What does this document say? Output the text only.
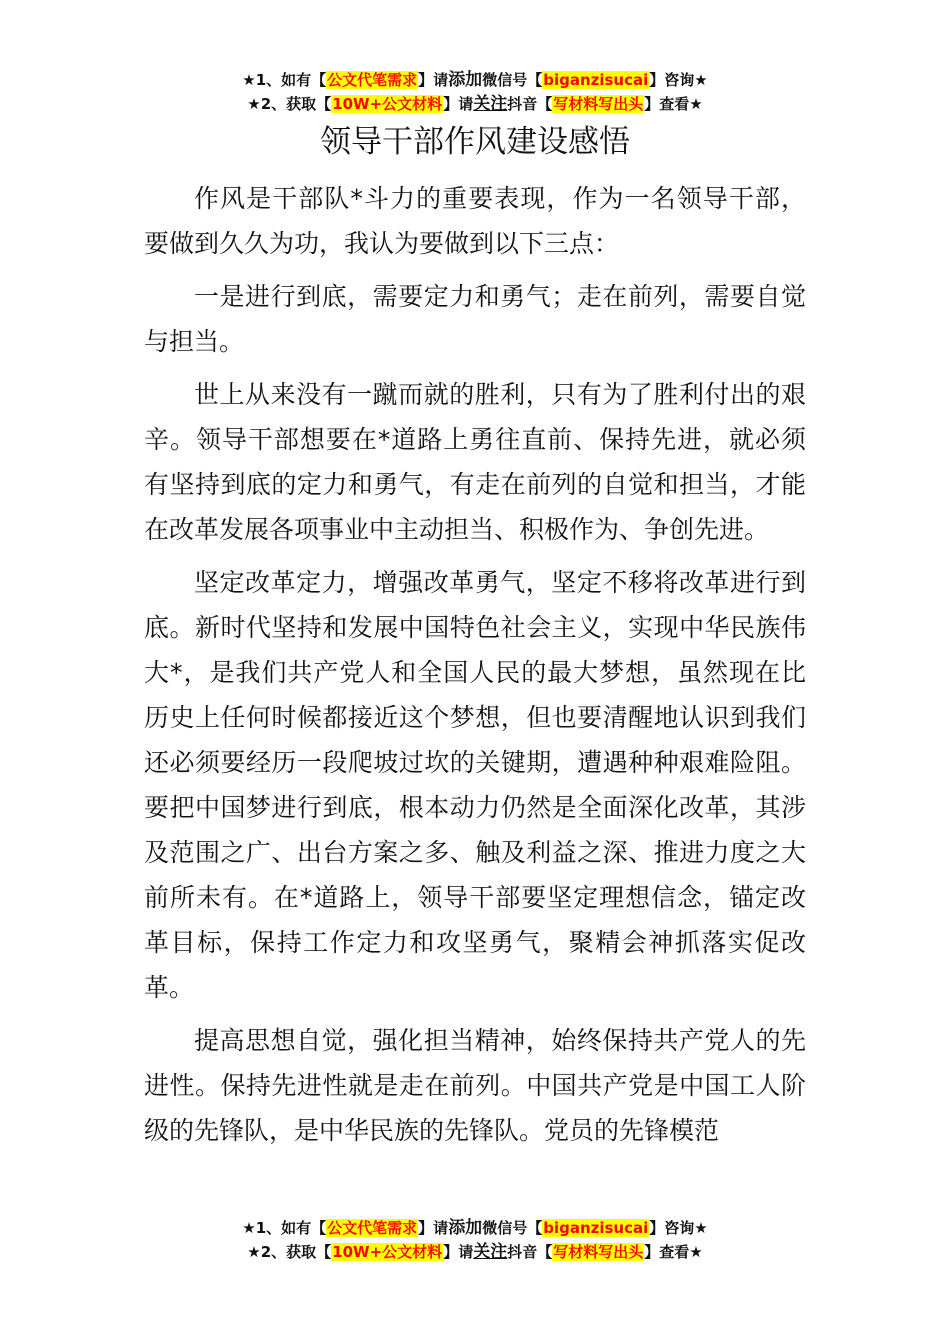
★1、如有【公文代笔需求】请添加微信号【biganzisucai】咨询★
★2、获取【10W+公文材料】请关注抖音【写材料写出头】查看★
领导干部作风建设感悟

作风是干部队*斗力的重要表现，作为一名领导干部，要做到久久为功，我认为要做到以下三点：

一是进行到底，需要定力和勇气；走在前列，需要自觉与担当。

世上从来没有一蹴而就的胜利，只有为了胜利付出的艰辛。领导干部想要在*道路上勇往直前、保持先进，就必须有坚持到底的定力和勇气，有走在前列的自觉和担当，才能在改革发展各项事业中主动担当、积极作为、争创先进。

坚定改革定力，增强改革勇气，坚定不移将改革进行到底。新时代坚持和发展中国特色社会主义，实现中华民族伟大*，是我们共产党人和全国人民的最大梦想，虽然现在比历史上任何时候都接近这个梦想，但也要清醒地认识到我们还必须要经历一段爬坡过坎的关键期，遭遇种种艰难险阻。要把中国梦进行到底，根本动力仍然是全面深化改革，其涉及范围之广、出台方案之多、触及利益之深、推进力度之大前所未有。在*道路上，领导干部要坚定理想信念，锚定改革目标，保持工作定力和攻坚勇气，聚精会神抓落实促改革。

提高思想自觉，强化担当精神，始终保持共产党人的先进性。保持先进性就是走在前列。中国共产党是中国工人阶级的先锋队，是中华民族的先锋队。党员的先锋模范

★1、如有【公文代笔需求】请添加微信号【biganzisucai】咨询★
★2、获取【10W+公文材料】请关注抖音【写材料写出头】查看★
